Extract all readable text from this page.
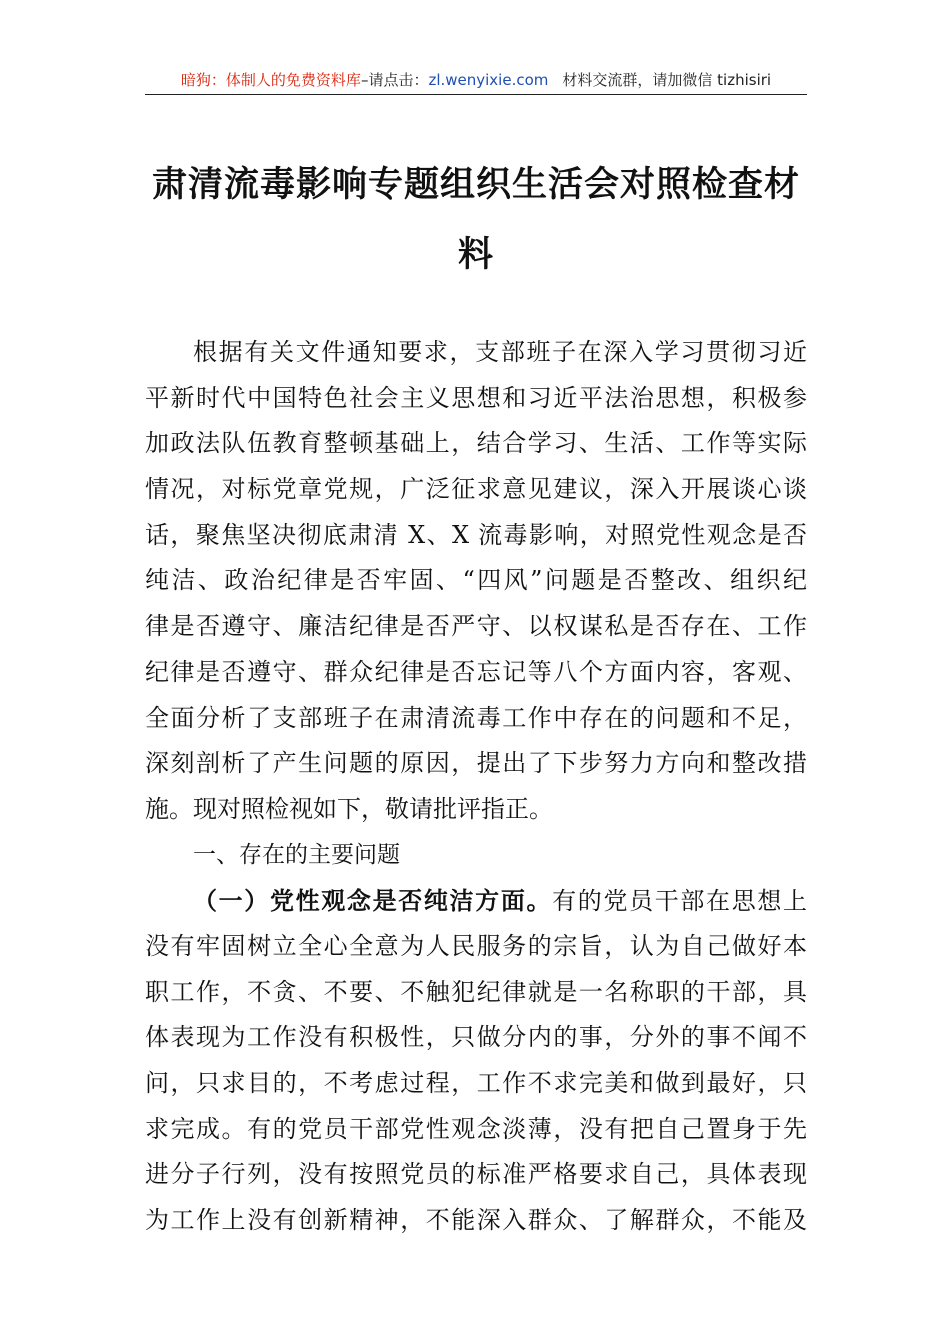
暗狗：体制人的免费资料库–请点击：zl.wenyixie.com 材料交流群，请加微信 tizhisiri
肃清流毒影响专题组织生活会对照检查材
料
根据有关文件通知要求，支部班子在深入学习贯彻习近
平新时代中国特色社会主义思想和习近平法治思想，积极参
加政法队伍教育整顿基础上，结合学习、生活、工作等实际
情况，对标党章党规，广泛征求意见建议，深入开展谈心谈
话，聚焦坚决彻底肃清 X、X 流毒影响，对照党性观念是否
纯洁、政治纪律是否牢固、“四风”问题是否整改、组织纪
律是否遵守、廉洁纪律是否严守、以权谋私是否存在、工作
纪律是否遵守、群众纪律是否忘记等八个方面内容，客观、
全面分析了支部班子在肃清流毒工作中存在的问题和不足，
深刻剖析了产生问题的原因，提出了下步努力方向和整改措
施。现对照检视如下，敬请批评指正。
一、存在的主要问题
（一）党性观念是否纯洁方面。有的党员干部在思想上
没有牢固树立全心全意为人民服务的宗旨，认为自己做好本
职工作，不贪、不要、不触犯纪律就是一名称职的干部，具
体表现为工作没有积极性，只做分内的事，分外的事不闻不
问，只求目的，不考虑过程，工作不求完美和做到最好，只
求完成。有的党员干部党性观念淡薄，没有把自己置身于先
进分子行列，没有按照党员的标准严格要求自己，具体表现
为工作上没有创新精神，不能深入群众、了解群众，不能及
